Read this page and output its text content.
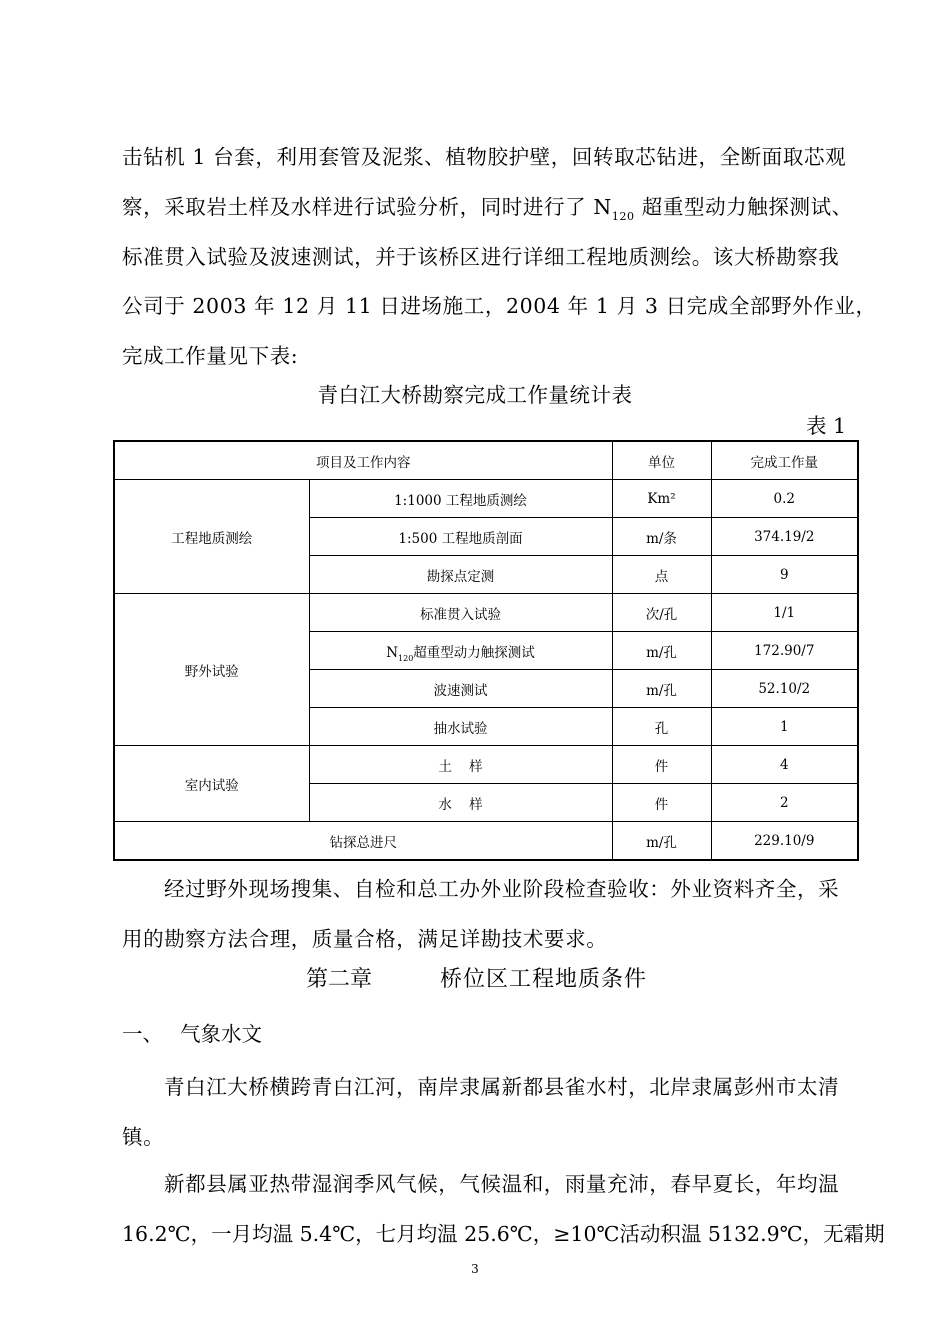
击钻机 1 台套，利用套管及泥浆、植物胶护壁，回转取芯钻进，全断面取芯观
察，采取岩土样及水样进行试验分析，同时进行了 $N_{120}$ 超重型动力触探测试、
标准贯入试验及波速测试，并于该桥区进行详细工程地质测绘。该大桥勘察我
公司于 2003 年 12 月 11 日进场施工，2004 年 1 月 3 日完成全部野外作业，
完成工作量见下表:
青白江大桥勘察完成工作量统计表
表 1
项目及工作内容		单位	完成工作量
工程地质测绘	1:1000 工程地质测绘	Km²	0.2
	1:500 工程地质剖面	m/条	374.19/2
	勘探点定测	点	9
野外试验	标准贯入试验	次/孔	1/1
	$N_{120}$超重型动力触探测试	m/孔	172.90/7
	波速测试	m/孔	52.10/2
	抽水试验	孔	1
室内试验	土    样	件	4
	水    样	件	2
钻探总进尺		m/孔	229.10/9
经过野外现场搜集、自检和总工办外业阶段检查验收：外业资料齐全，采
用的勘察方法合理，质量合格，满足详勘技术要求。
第二章	桥位区工程地质条件
一、 气象水文
青白江大桥横跨青白江河，南岸隶属新都县雀水村，北岸隶属彭州市太清
镇。
新都县属亚热带湿润季风气候，气候温和，雨量充沛，春早夏长，年均温
16.2℃，一月均温 5.4℃，七月均温 25.6℃，≥10℃活动积温 5132.9℃，无霜期
3
